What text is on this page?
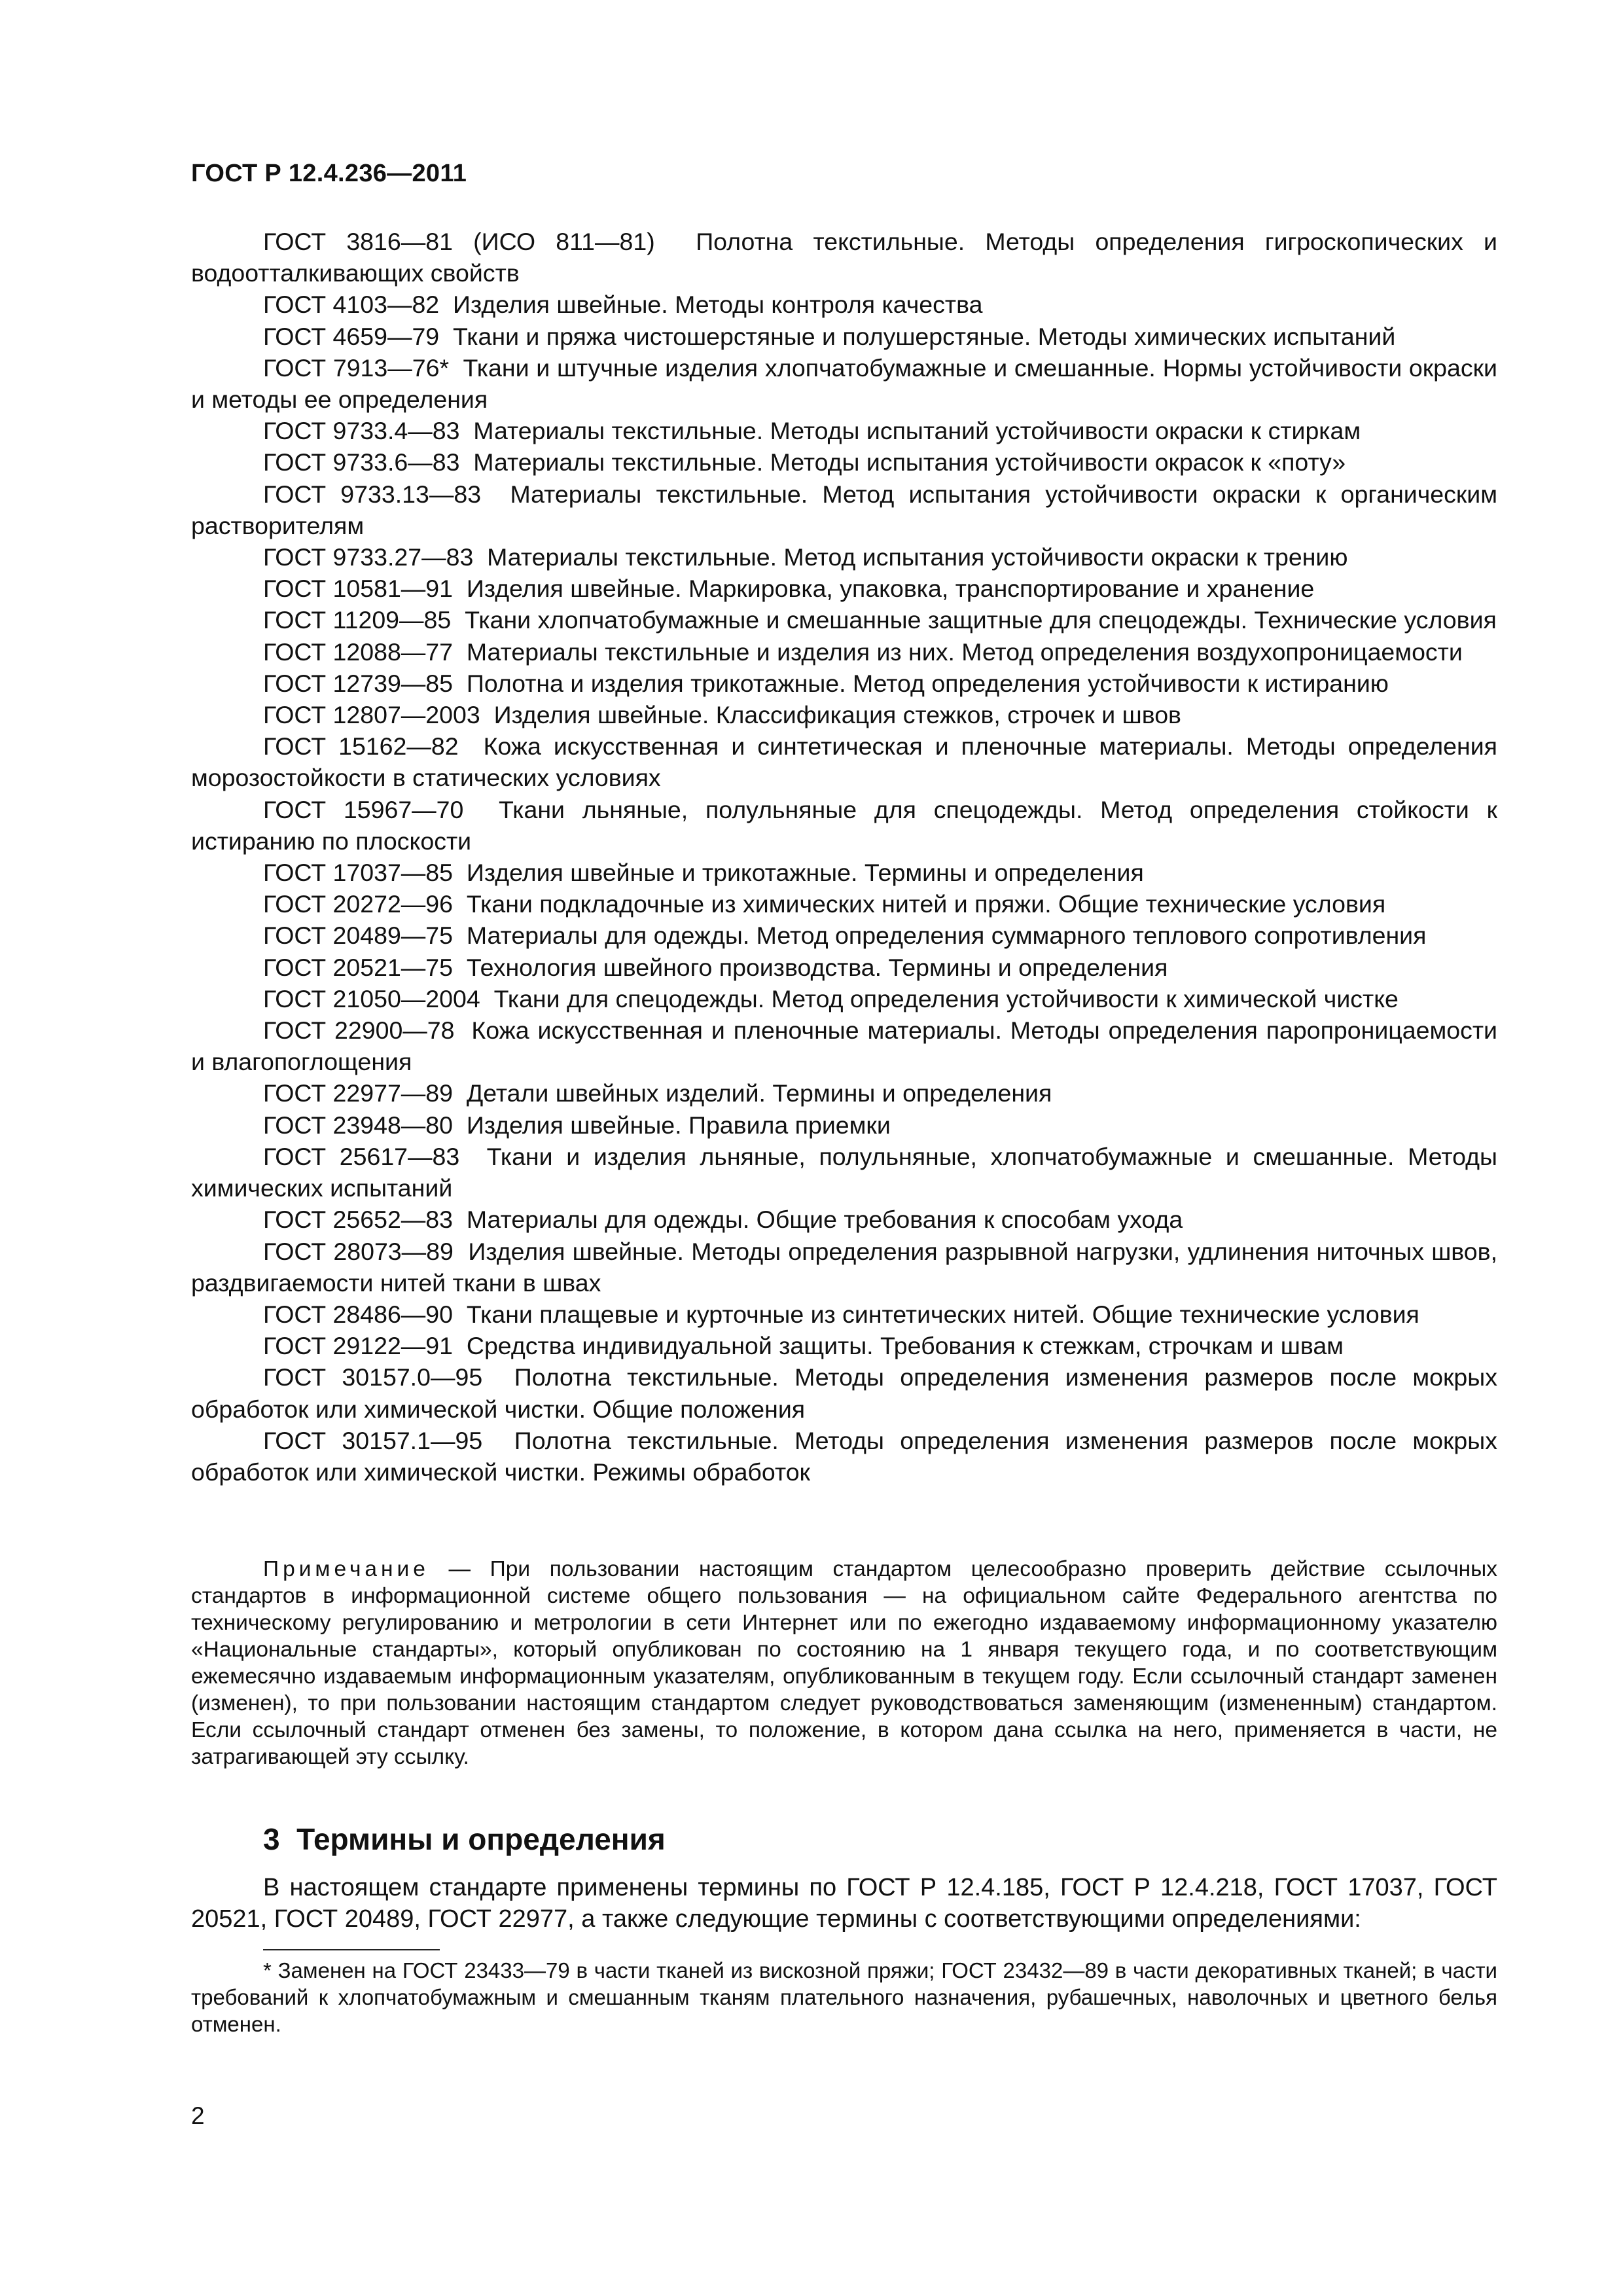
ГОСТ Р 12.4.236—2011

ГОСТ 3816—81 (ИСО 811—81) Полотна текстильные. Методы определения гигроскопических и водоотталкивающих свойств

ГОСТ 4103—82 Изделия швейные. Методы контроля качества

ГОСТ 4659—79 Ткани и пряжа чистошерстяные и полушерстяные. Методы химических испытаний

ГОСТ 7913—76* Ткани и штучные изделия хлопчатобумажные и смешанные. Нормы устойчивости окраски и методы ее определения

ГОСТ 9733.4—83 Материалы текстильные. Методы испытаний устойчивости окраски к стиркам

ГОСТ 9733.6—83 Материалы текстильные. Методы испытания устойчивости окрасок к «поту»

ГОСТ 9733.13—83 Материалы текстильные. Метод испытания устойчивости окраски к органическим растворителям

ГОСТ 9733.27—83 Материалы текстильные. Метод испытания устойчивости окраски к трению

ГОСТ 10581—91 Изделия швейные. Маркировка, упаковка, транспортирование и хранение

ГОСТ 11209—85 Ткани хлопчатобумажные и смешанные защитные для спецодежды. Технические условия

ГОСТ 12088—77 Материалы текстильные и изделия из них. Метод определения воздухопроницаемости

ГОСТ 12739—85 Полотна и изделия трикотажные. Метод определения устойчивости к истиранию

ГОСТ 12807—2003 Изделия швейные. Классификация стежков, строчек и швов

ГОСТ 15162—82 Кожа искусственная и синтетическая и пленочные материалы. Методы определения морозостойкости в статических условиях

ГОСТ 15967—70 Ткани льняные, полульняные для спецодежды. Метод определения стойкости к истиранию по плоскости

ГОСТ 17037—85 Изделия швейные и трикотажные. Термины и определения

ГОСТ 20272—96 Ткани подкладочные из химических нитей и пряжи. Общие технические условия

ГОСТ 20489—75 Материалы для одежды. Метод определения суммарного теплового сопротивления

ГОСТ 20521—75 Технология швейного производства. Термины и определения

ГОСТ 21050—2004 Ткани для спецодежды. Метод определения устойчивости к химической чистке

ГОСТ 22900—78 Кожа искусственная и пленочные материалы. Методы определения паропроницаемости и влагопоглощения

ГОСТ 22977—89 Детали швейных изделий. Термины и определения

ГОСТ 23948—80 Изделия швейные. Правила приемки

ГОСТ 25617—83 Ткани и изделия льняные, полульняные, хлопчатобумажные и смешанные. Методы химических испытаний

ГОСТ 25652—83 Материалы для одежды. Общие требования к способам ухода

ГОСТ 28073—89 Изделия швейные. Методы определения разрывной нагрузки, удлинения ниточных швов, раздвигаемости нитей ткани в швах

ГОСТ 28486—90 Ткани плащевые и курточные из синтетических нитей. Общие технические условия

ГОСТ 29122—91 Средства индивидуальной защиты. Требования к стежкам, строчкам и швам

ГОСТ 30157.0—95 Полотна текстильные. Методы определения изменения размеров после мокрых обработок или химической чистки. Общие положения

ГОСТ 30157.1—95 Полотна текстильные. Методы определения изменения размеров после мокрых обработок или химической чистки. Режимы обработок

Примечание — При пользовании настоящим стандартом целесообразно проверить действие ссылочных стандартов в информационной системе общего пользования — на официальном сайте Федерального агентства по техническому регулированию и метрологии в сети Интернет или по ежегодно издаваемому информационному указателю «Национальные стандарты», который опубликован по состоянию на 1 января текущего года, и по соответствующим ежемесячно издаваемым информационным указателям, опубликованным в текущем году. Если ссылочный стандарт заменен (изменен), то при пользовании настоящим стандартом следует руководствоваться заменяющим (измененным) стандартом. Если ссылочный стандарт отменен без замены, то положение, в котором дана ссылка на него, применяется в части, не затрагивающей эту ссылку.
3 Термины и определения
В настоящем стандарте применены термины по ГОСТ Р 12.4.185, ГОСТ Р 12.4.218, ГОСТ 17037, ГОСТ 20521, ГОСТ 20489, ГОСТ 22977, а также следующие термины с соответствующими определениями:
* Заменен на ГОСТ 23433—79 в части тканей из вискозной пряжи; ГОСТ 23432—89 в части декоративных тканей; в части требований к хлопчатобумажным и смешанным тканям плательного назначения, рубашечных, наволочных и цветного белья отменен.
2
